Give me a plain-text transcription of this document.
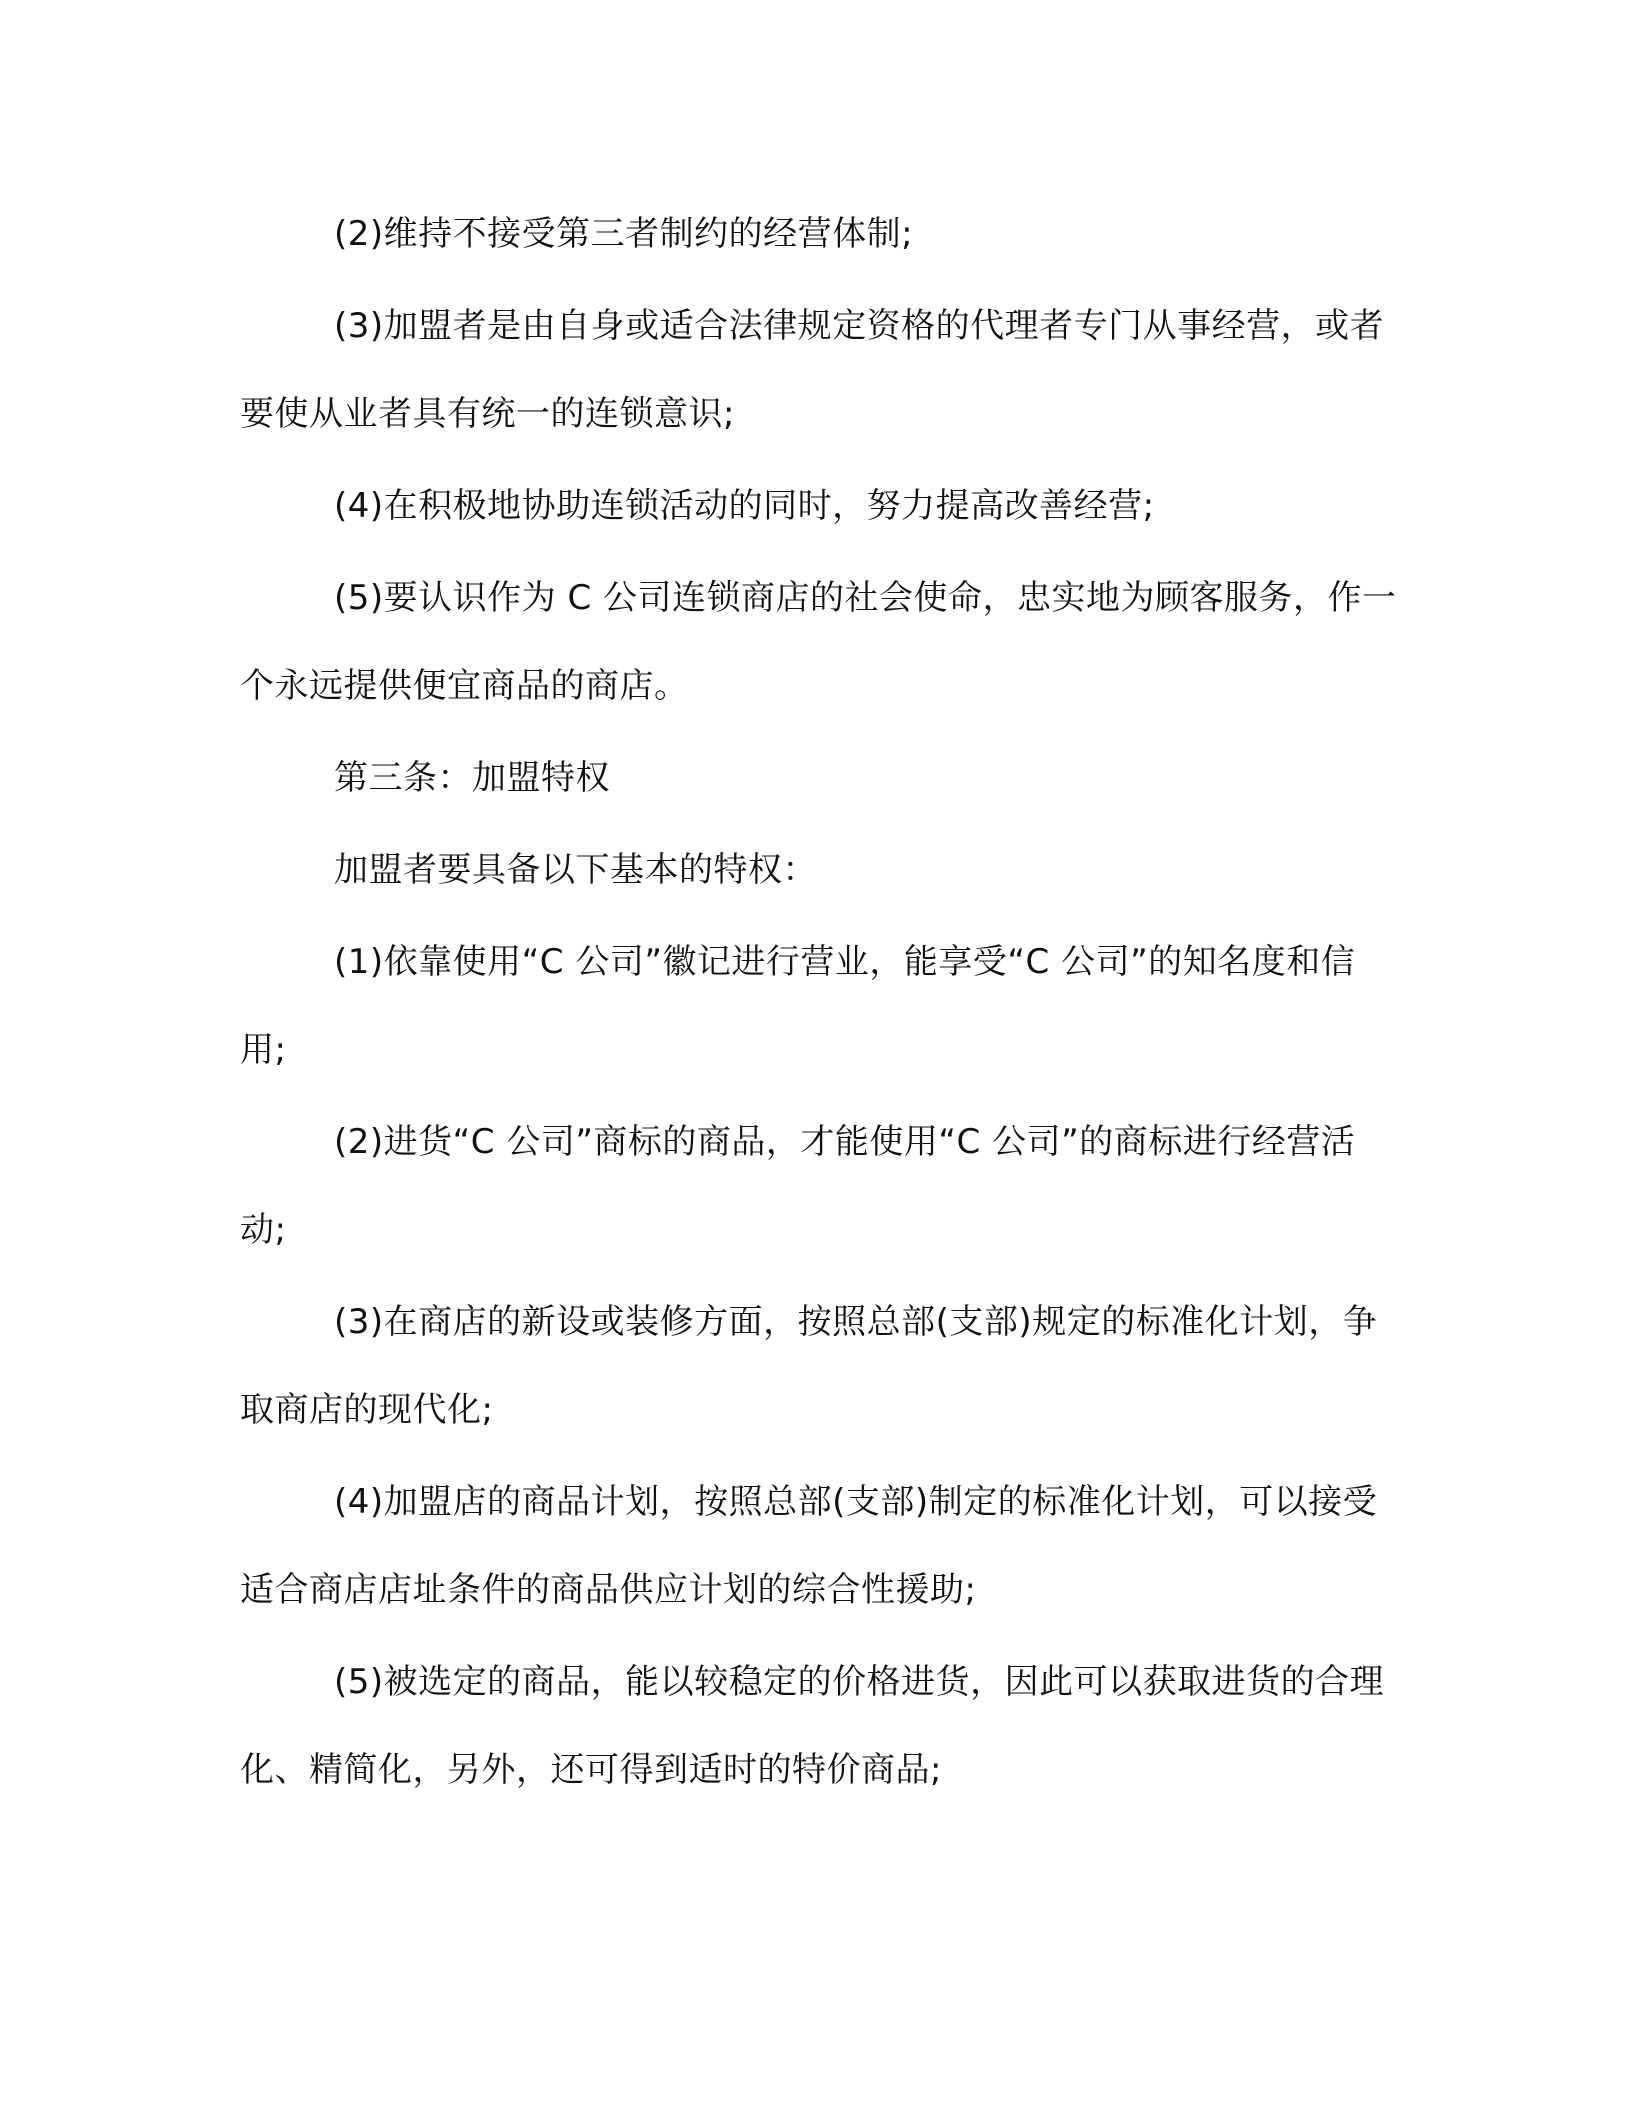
(2)维持不接受第三者制约的经营体制;

(3)加盟者是由自身或适合法律规定资格的代理者专门从事经营，或者要使从业者具有统一的连锁意识;

(4)在积极地协助连锁活动的同时，努力提高改善经营;

(5)要认识作为 C 公司连锁商店的社会使命，忠实地为顾客服务，作一个永远提供便宜商品的商店。

第三条：加盟特权

加盟者要具备以下基本的特权：

(1)依靠使用“C 公司”徽记进行营业，能享受“C 公司”的知名度和信用;

(2)进货“C 公司”商标的商品，才能使用“C 公司”的商标进行经营活动;

(3)在商店的新设或装修方面，按照总部(支部)规定的标准化计划，争取商店的现代化;

(4)加盟店的商品计划，按照总部(支部)制定的标准化计划，可以接受适合商店店址条件的商品供应计划的综合性援助;

(5)被选定的商品，能以较稳定的价格进货，因此可以获取进货的合理化、精简化，另外，还可得到适时的特价商品;
